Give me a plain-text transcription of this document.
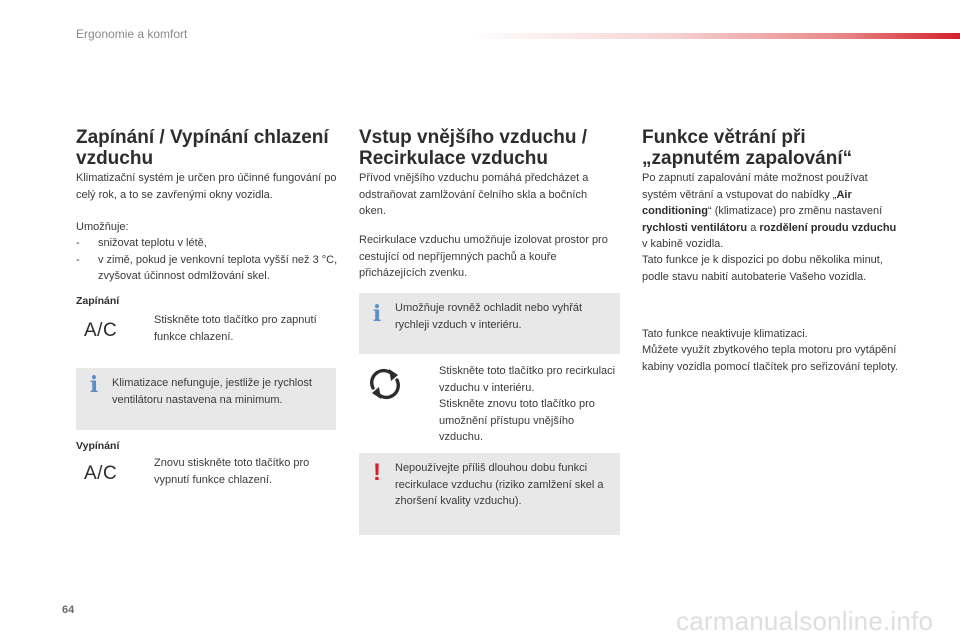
Ergonomie a komfort
Zapínání / Vypínání chlazení vzduchu
Klimatizační systém je určen pro účinné fungování po celý rok, a to se zavřenými okny vozidla.
Umožňuje:
- snižovat teplotu v létě,
- v zimě, pokud je venkovní teplota vyšší než 3 °C, zvyšovat účinnost odmlžování skel.
Zapínání
A/C	Stiskněte toto tlačítko pro zapnutí funkce chlazení.
i	Klimatizace nefunguje, jestliže je rychlost ventilátoru nastavena na minimum.
Vypínání
A/C	Znovu stiskněte toto tlačítko pro vypnutí funkce chlazení.
Vstup vnějšího vzduchu / Recirkulace vzduchu
Přívod vnějšího vzduchu pomáhá předcházet a odstraňovat zamlžování čelního skla a bočních oken.
Recirkulace vzduchu umožňuje izolovat prostor pro cestující od nepříjemných pachů a kouře přicházejících zvenku.
i	Umožňuje rovněž ochladit nebo vyhřát rychleji vzduch v interiéru.
Stiskněte toto tlačítko pro recirkulaci vzduchu v interiéru.
Stiskněte znovu toto tlačítko pro umožnění přístupu vnějšího vzduchu.
!	Nepoužívejte příliš dlouhou dobu funkci recirkulace vzduchu (riziko zamlžení skel a zhoršení kvality vzduchu).
Funkce větrání při „zapnutém zapalování“
Po zapnutí zapalování máte možnost používat systém větrání a vstupovat do nabídky „Air conditioning“ (klimatizace) pro změnu nastavení rychlosti ventilátoru a rozdělení proudu vzduchu v kabině vozidla.
Tato funkce je k dispozici po dobu několika minut, podle stavu nabití autobaterie Vašeho vozidla.
Tato funkce neaktivuje klimatizaci.
Můžete využít zbytkového tepla motoru pro vytápění kabiny vozidla pomocí tlačítek pro seřizování teploty.
64	carmanualsonline.info
